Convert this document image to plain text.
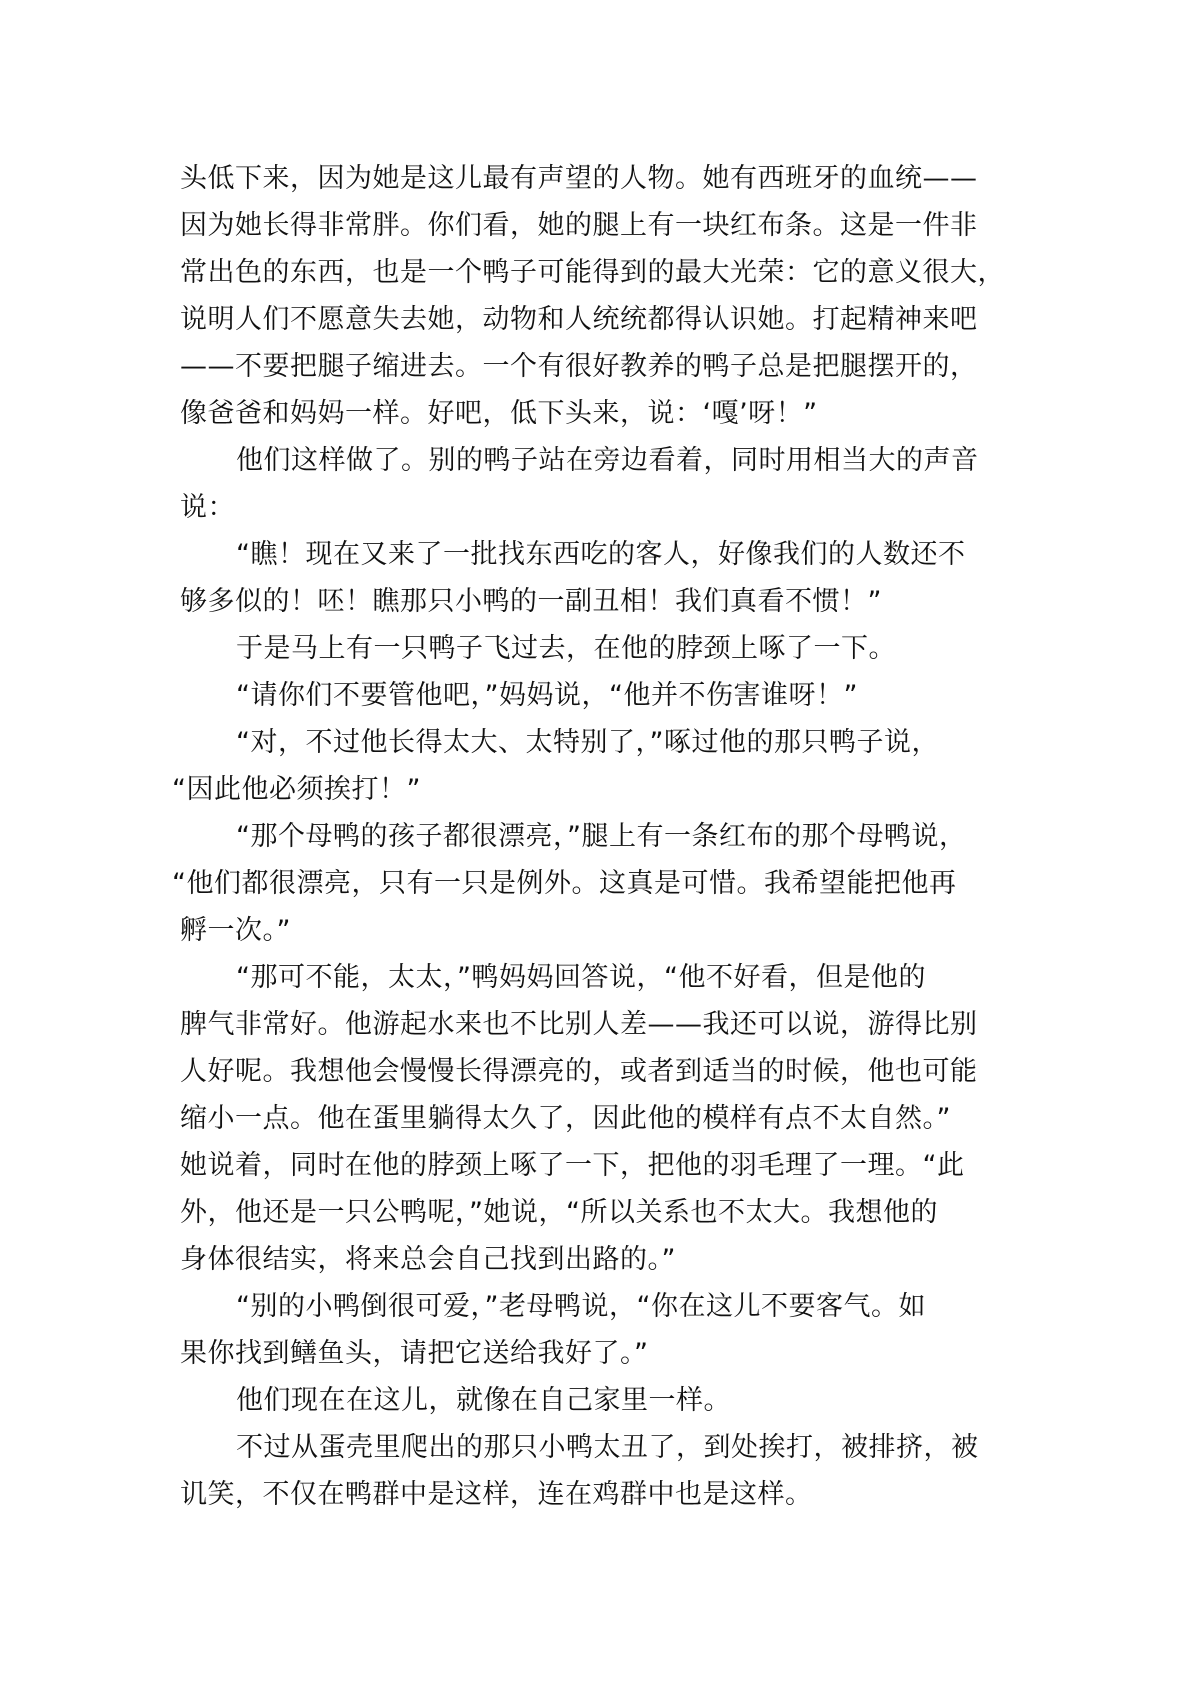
头低下来，因为她是这儿最有声望的人物。她有西班牙的血统——
因为她长得非常胖。你们看，她的腿上有一块红布条。这是一件非
常出色的东西，也是一个鸭子可能得到的最大光荣：它的意义很大，
说明人们不愿意失去她，动物和人统统都得认识她。打起精神来吧
——不要把腿子缩进去。一个有很好教养的鸭子总是把腿摆开的，
像爸爸和妈妈一样。好吧，低下头来，说：‘嘎’呀！”
他们这样做了。别的鸭子站在旁边看着，同时用相当大的声音
说：
“瞧！现在又来了一批找东西吃的客人，好像我们的人数还不
够多似的！呸！瞧那只小鸭的一副丑相！我们真看不惯！”
于是马上有一只鸭子飞过去，在他的脖颈上啄了一下。
“请你们不要管他吧，”妈妈说，“他并不伤害谁呀！”
“对，不过他长得太大、太特别了，”啄过他的那只鸭子说，
“因此他必须挨打！”
“那个母鸭的孩子都很漂亮，”腿上有一条红布的那个母鸭说，
“他们都很漂亮，只有一只是例外。这真是可惜。我希望能把他再
孵一次。”
“那可不能，太太，”鸭妈妈回答说，“他不好看，但是他的
脾气非常好。他游起水来也不比别人差——我还可以说，游得比别
人好呢。我想他会慢慢长得漂亮的，或者到适当的时候，他也可能
缩小一点。他在蛋里躺得太久了，因此他的模样有点不太自然。”
她说着，同时在他的脖颈上啄了一下，把他的羽毛理了一理。“此
外，他还是一只公鸭呢，”她说，“所以关系也不太大。我想他的
身体很结实，将来总会自己找到出路的。”
“别的小鸭倒很可爱，”老母鸭说，“你在这儿不要客气。如
果你找到鳝鱼头，请把它送给我好了。”
他们现在在这儿，就像在自己家里一样。
不过从蛋壳里爬出的那只小鸭太丑了，到处挨打，被排挤，被
讥笑，不仅在鸭群中是这样，连在鸡群中也是这样。
